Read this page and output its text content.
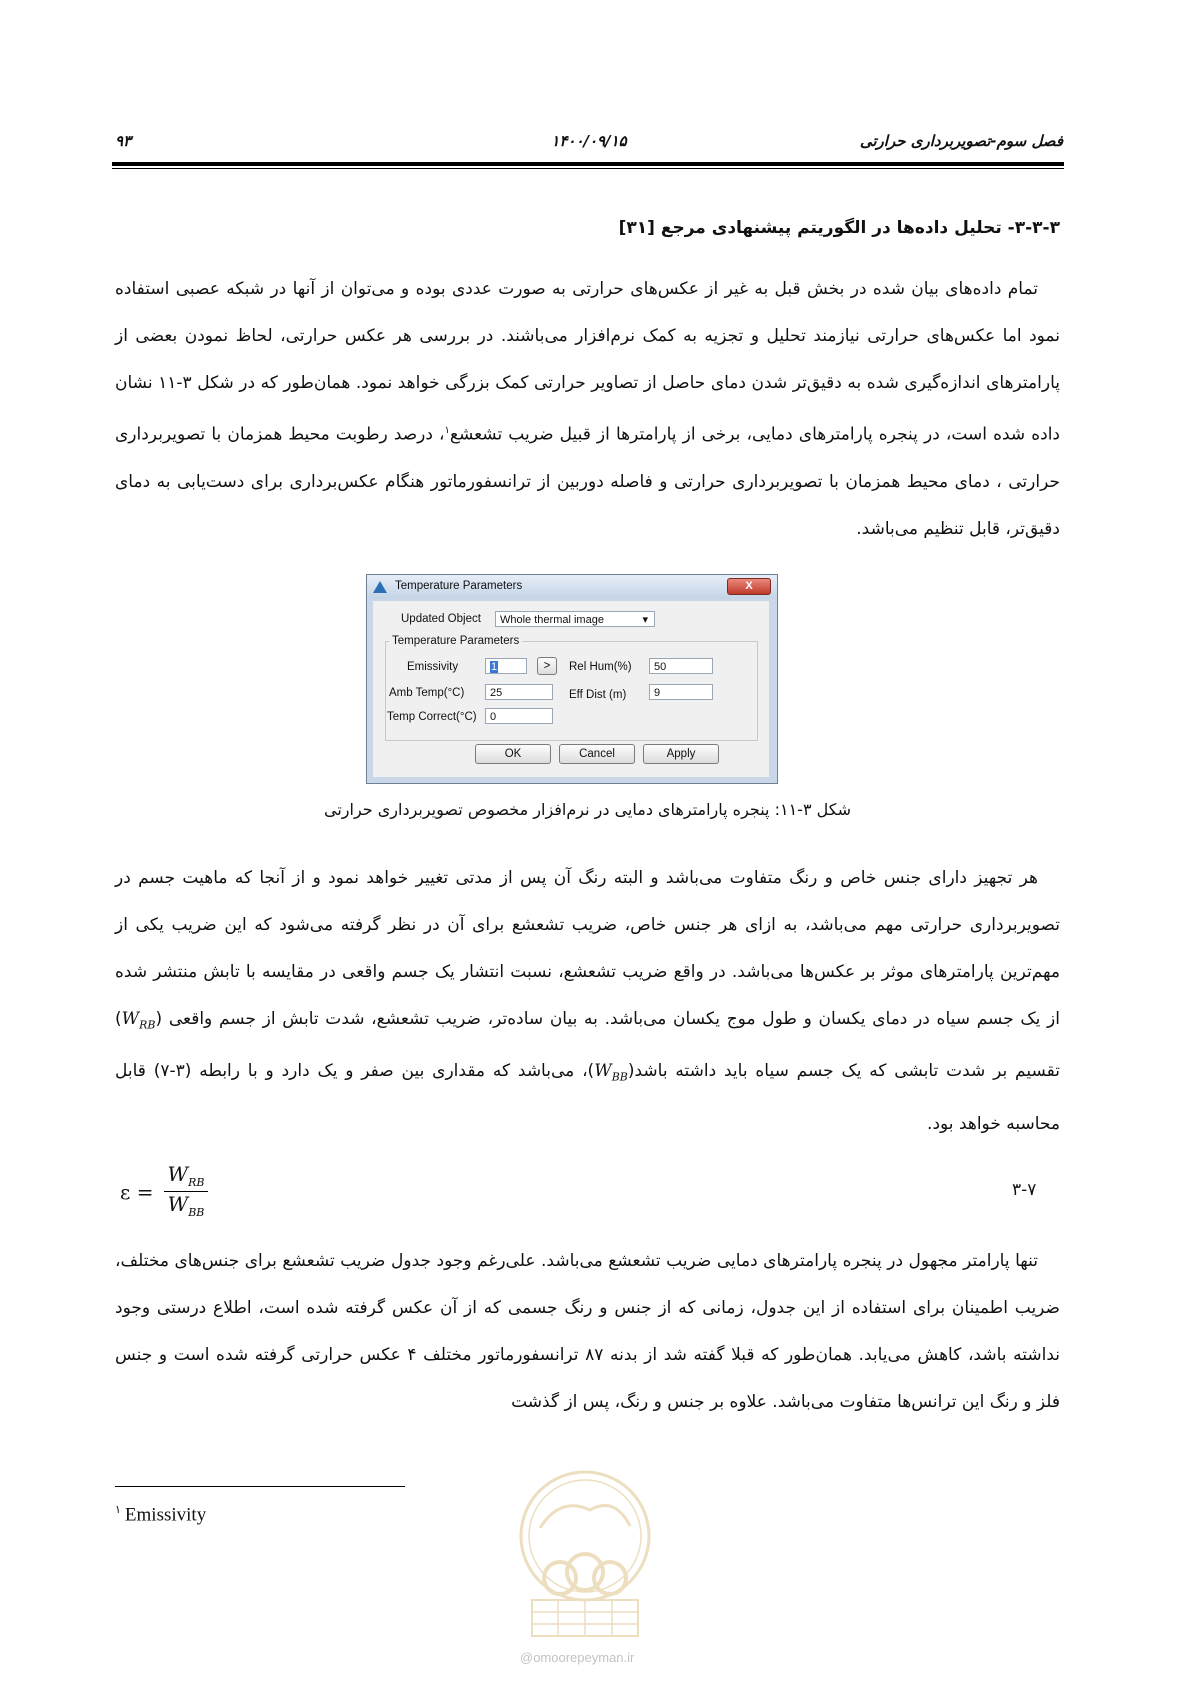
فصل سوم-تصویربرداری حرارتی
۱۴۰۰/۰۹/۱۵
۹۳
۳-۳-۳- تحلیل داده‌ها در الگوریتم پیشنهادی مرجع [۳۱]

تمام داده‌های بیان شده در بخش قبل به غیر از عکس‌های حرارتی به صورت عددی بوده و می‌توان از آنها در شبکه عصبی استفاده نمود اما عکس‌های حرارتی نیازمند تحلیل و تجزیه به کمک نرم‌افزار می‌باشند. در بررسی هر عکس حرارتی، لحاظ نمودن بعضی از پارامترهای اندازه‌گیری شده به دقیق‌تر شدن دمای حاصل از تصاویر حرارتی کمک بزرگی خواهد نمود. همان‌طور که در شکل ۳-۱۱ نشان داده شده است، در پنجره پارامترهای دمایی، برخی از پارامترها از قبیل ضریب تشعشع$^۱$، درصد رطوبت محیط همزمان با تصویربرداری حرارتی ، دمای محیط همزمان با تصویربرداری حرارتی و فاصله دوربین از ترانسفورماتور هنگام عکس‌برداری برای دست‌یابی به دمای دقیق‌تر، قابل تنظیم می‌باشد.

Temperature Parameters	X
Updated Object	Whole thermal image	▾
Temperature Parameters
Emissivity	1	>	Rel Hum(%)	50
Amb Temp(°C)	25	Eff Dist (m)	9
Temp Correct(°C)	0
OK	Cancel	Apply
شکل ۳-۱۱: پنجره پارامترهای دمایی در نرم‌افزار مخصوص تصویربرداری حرارتی

هر تجهیز دارای جنس خاص و رنگ متفاوت می‌باشد و البته رنگ آن پس از مدتی تغییر خواهد نمود و از آنجا که ماهیت جسم در تصویربرداری حرارتی مهم می‌باشد، به ازای هر جنس خاص، ضریب تشعشع برای آن در نظر گرفته می‌شود که این ضریب یکی از مهم‌ترین پارامترهای موثر بر عکس‌ها می‌باشد. در واقع ضریب تشعشع، نسبت انتشار یک جسم واقعی در مقایسه با تابش منتشر شده از یک جسم سیاه در دمای یکسان و طول موج یکسان می‌باشد. به بیان ساده‌تر، ضریب تشعشع، شدت تابش از جسم واقعی $(W_{RB})$ تقسیم بر شدت تابشی که یک جسم سیاه باید داشته $باشد(W_{BB})،$ می‌باشد که مقداری بین صفر و یک دارد و با رابطه (۳-۷) قابل محاسبه خواهد بود.

ε =
$W_{RB}$
$W_{BB}$
۳-۷

تنها پارامتر مجهول در پنجره پارامترهای دمایی ضریب تشعشع می‌باشد. علی‌رغم وجود جدول ضریب تشعشع برای جنس‌های مختلف، ضریب اطمینان برای استفاده از این جدول، زمانی که از جنس و رنگ جسمی که از آن عکس گرفته شده است، اطلاع درستی وجود نداشته باشد، کاهش می‌یابد. همان‌طور که قبلا گفته شد از بدنه ۸۷ ترانسفورماتور مختلف ۴ عکس حرارتی گرفته شده است و جنس فلز و رنگ این ترانس‌ها متفاوت می‌باشد. علاوه بر جنس و رنگ، پس از گذشت

$^۱$ Emissivity
@omoorepeyman.ir
